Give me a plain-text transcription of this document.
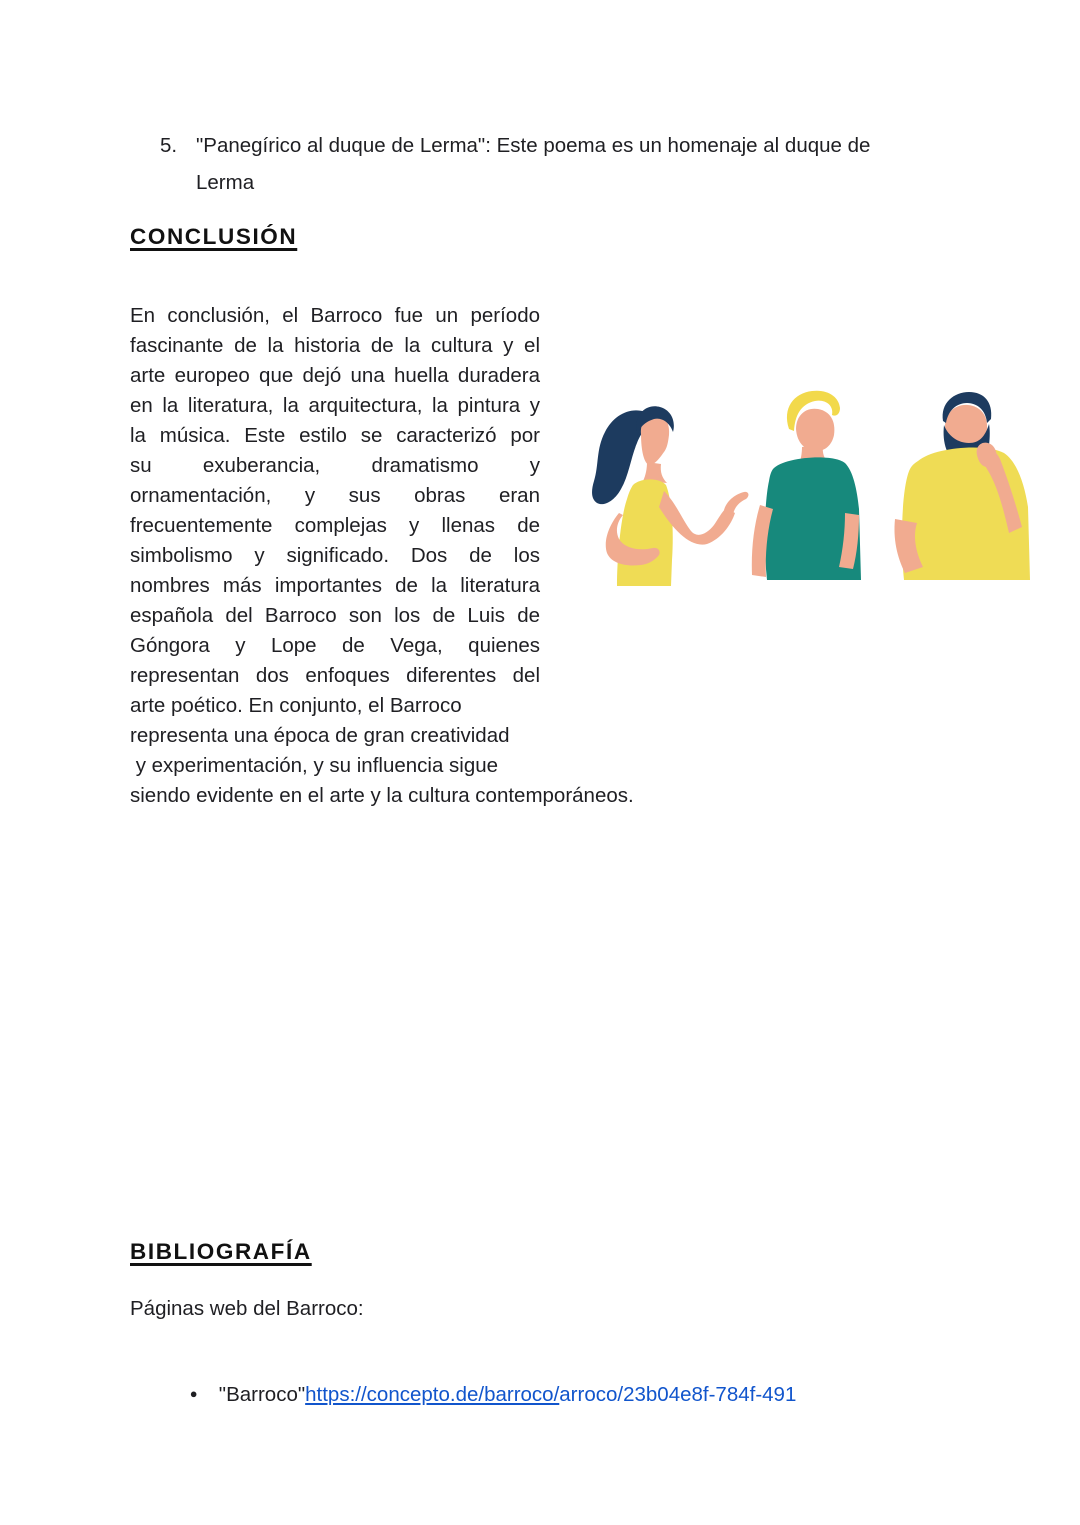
5. "Panegírico al duque de Lerma": Este poema es un homenaje al duque de
Lerma
CONCLUSIÓN
En conclusión, el Barroco fue un período
fascinante de la historia de la cultura y el
arte europeo que dejó una huella duradera
en la literatura, la arquitectura, la pintura y
la música. Este estilo se caracterizó por
su exuberancia, dramatismo y
ornamentación, y sus obras eran
frecuentemente complejas y llenas de
simbolismo y significado. Dos de los
nombres más importantes de la literatura
española del Barroco son los de Luis de
Góngora y Lope de Vega, quienes
representan dos enfoques diferentes del
arte poético. En conjunto, el Barroco
representa una época de gran creatividad
y experimentación, y su influencia sigue
siendo evidente en el arte y la cultura contemporáneos.
BIBLIOGRAFÍA
Páginas web del Barroco:

● "Barroco"https://concepto.de/barroco/arroco/23b04e8f-784f-491
